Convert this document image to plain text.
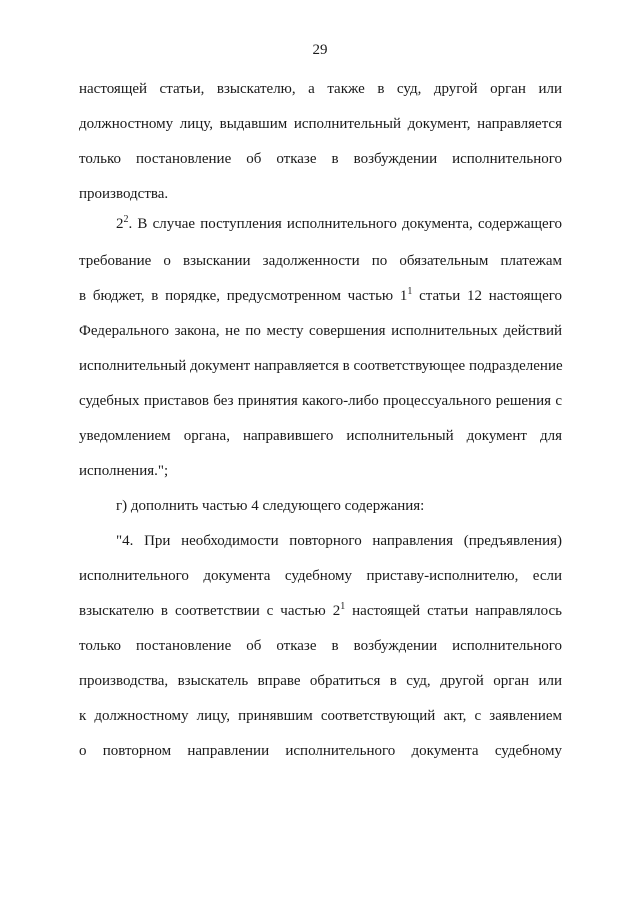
29
настоящей статьи, взыскателю, а также в суд, другой орган или
должностному лицу, выдавшим исполнительный документ, направляется
только постановление об отказе в возбуждении исполнительного
производства.
$2^2$. В случае поступления исполнительного документа, содержащего
требование о взыскании задолженности по обязательным платежам
в бюджет, в порядке, предусмотренном частью $1^1$ статьи 12 настоящего
Федерального закона, не по месту совершения исполнительных действий
исполнительный документ направляется в соответствующее подразделение
судебных приставов без принятия какого-либо процессуального решения с
уведомлением органа, направившего исполнительный документ для
исполнения.";
г) дополнить частью 4 следующего содержания:
"4. При необходимости повторного направления (предъявления)
исполнительного документа судебному приставу-исполнителю, если
взыскателю в соответствии с частью $2^1$ настоящей статьи направлялось
только постановление об отказе в возбуждении исполнительного
производства, взыскатель вправе обратиться в суд, другой орган или
к должностному лицу, принявшим соответствующий акт, с заявлением
о повторном направлении исполнительного документа судебному
